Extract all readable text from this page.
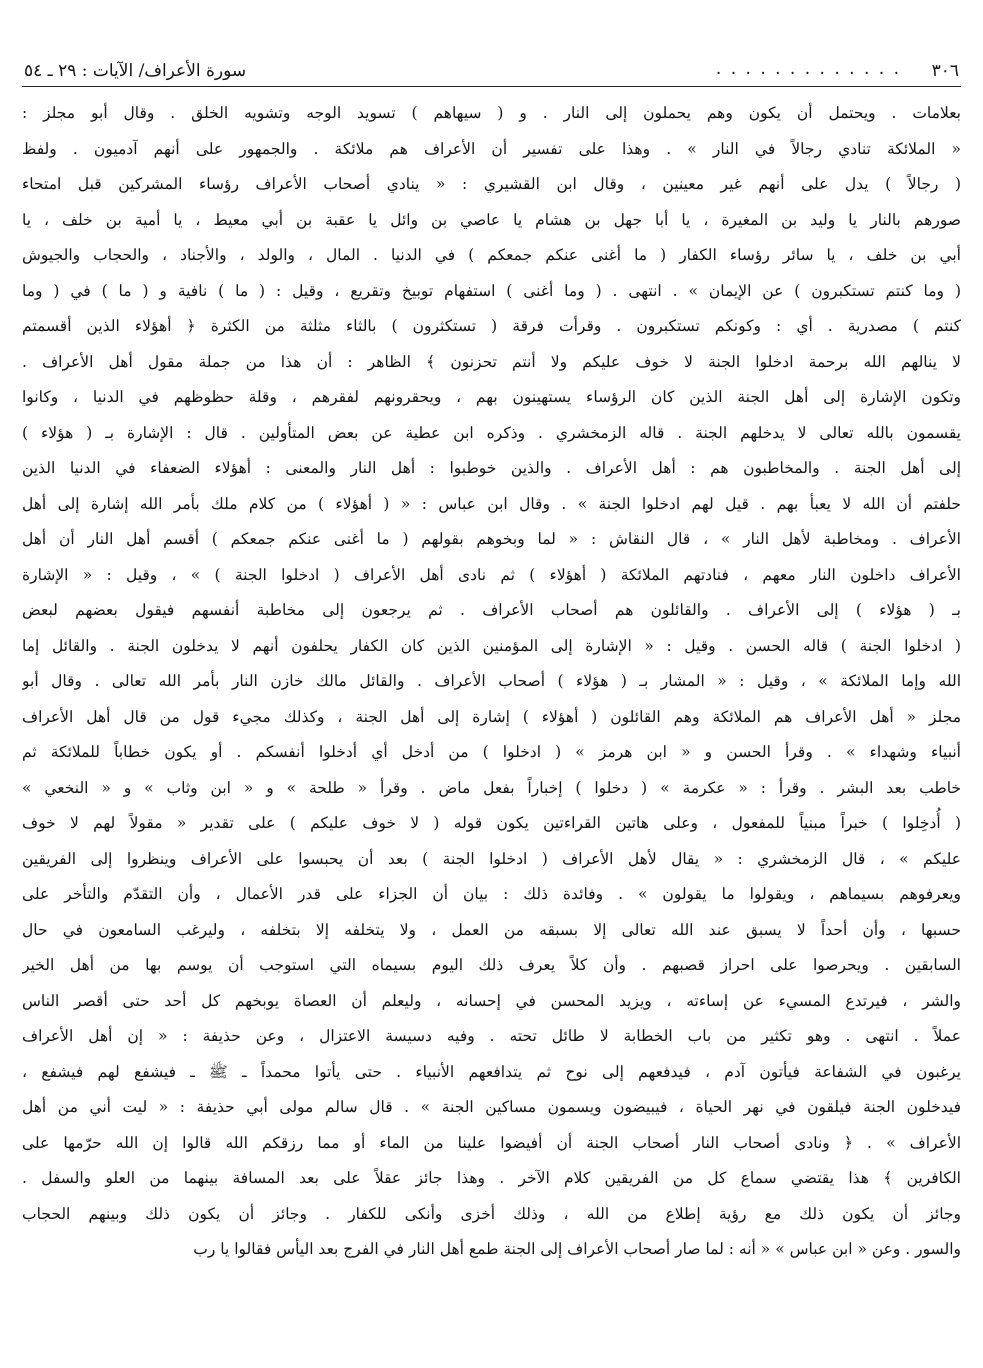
٣٠٦
. . . . . . . . . . . . .
سورة الأعراف/ الآيات : ٢٩ ـ ٥٤
بعلامات . ويحتمل أن يكون وهم يحملون إلى النار . و ( سيهاهم ) تسويد الوجه وتشويه الخلق . وقال أبو مجلز :
« الملائكة تنادي رجالاً في النار » . وهذا على تفسير أن الأعراف هم ملائكة . والجمهور على أنهم آدميون . ولفظ
( رجالاً ) يدل على أنهم غير معينين ، وقال ابن القشيري : « ينادي أصحاب الأعراف رؤساء المشركين قبل امتحاء
صورهم بالنار يا وليد بن المغيرة ، يا أبا جهل بن هشام يا عاصي بن وائل يا عقبة بن أبي معيط ، يا أمية بن خلف ، يا
أبي بن خلف ، يا سائر رؤساء الكفار ( ما أغنى عنكم جمعكم ) في الدنيا . المال ، والولد ، والأجناد ، والحجاب والجيوش
( وما كنتم تستكبرون ) عن الإيمان » . انتهى . ( وما أغنى ) استفهام توبيخ وتقريع ، وقيل : ( ما ) نافية و ( ما ) في ( وما
كنتم ) مصدرية . أي : وكونكم تستكبرون . وقرأت فرقة ( تستكثرون ) بالثاء مثلثة من الكثرة ﴿ أهؤلاء الذين أقسمتم
لا ينالهم الله برحمة ادخلوا الجنة لا خوف عليكم ولا أنتم تحزنون ﴾ الظاهر : أن هذا من جملة مقول أهل الأعراف .
وتكون الإشارة إلى أهل الجنة الذين كان الرؤساء يستهينون بهم ، ويحقرونهم لفقرهم ، وقلة حظوظهم في الدنيا ، وكانوا
يقسمون بالله تعالى لا يدخلهم الجنة . قاله الزمخشري . وذكره ابن عطية عن بعض المتأولين . قال : الإشارة بـ ( هؤلاء )
إلى أهل الجنة . والمخاطبون هم : أهل الأعراف . والذين خوطبوا : أهل النار والمعنى : أهؤلاء الضعفاء في الدنيا الذين
حلفتم أن الله لا يعبأ بهم . قيل لهم ادخلوا الجنة » . وقال ابن عباس : « ( أهؤلاء ) من كلام ملك بأمر الله إشارة إلى أهل
الأعراف . ومخاطبة لأهل النار » ، قال النقاش : « لما وبخوهم بقولهم ( ما أغنى عنكم جمعكم ) أقسم أهل النار أن أهل
الأعراف داخلون النار معهم ، فنادتهم الملائكة ( أهؤلاء ) ثم نادى أهل الأعراف ( ادخلوا الجنة ) » ، وقيل : « الإشارة
بـ ( هؤلاء ) إلى الأعراف . والقائلون هم أصحاب الأعراف . ثم يرجعون إلى مخاطبة أنفسهم فيقول بعضهم لبعض
( ادخلوا الجنة ) قاله الحسن . وقيل : « الإشارة إلى المؤمنين الذين كان الكفار يحلفون أنهم لا يدخلون الجنة . والقائل إما
الله وإما الملائكة » ، وقيل : « المشار بـ ( هؤلاء ) أصحاب الأعراف . والقائل مالك خازن النار بأمر الله تعالى . وقال أبو
مجلز « أهل الأعراف هم الملائكة وهم القائلون ( أهؤلاء ) إشارة إلى أهل الجنة ، وكذلك مجيء قول من قال أهل الأعراف
أنبياء وشهداء » . وقرأ الحسن و « ابن هرمز » ( ادخلوا ) من أدخل أي أدخلوا أنفسكم . أو يكون خطاباً للملائكة ثم
خاطب بعد البشر . وقرأ : « عكرمة » ( دخلوا ) إخباراً بفعل ماض . وقرأ « طلحة » و « ابن وثاب » و « النخعي »
( أُدخِلوا ) خبراً مبنياً للمفعول ، وعلى هاتين القراءتين يكون قوله ( لا خوف عليكم ) على تقدير « مقولاً لهم لا خوف
عليكم » ، قال الزمخشري : « يقال لأهل الأعراف ( ادخلوا الجنة ) بعد أن يحبسوا على الأعراف وينظروا إلى الفريقين
ويعرفوهم بسيماهم ، ويقولوا ما يقولون » . وفائدة ذلك : بيان أن الجزاء على قدر الأعمال ، وأن التقدّم والتأخر على
حسبها ، وأن أحداً لا يسبق عند الله تعالى إلا بسبقه من العمل ، ولا يتخلفه إلا بتخلفه ، وليرغب السامعون في حال
السابقين . ويحرصوا على احراز قصبهم . وأن كلاً يعرف ذلك اليوم بسيماه التي استوجب أن يوسم بها من أهل الخير
والشر ، فيرتدع المسيء عن إساءته ، ويزيد المحسن في إحسانه ، وليعلم أن العصاة يوبخهم كل أحد حتى أقصر الناس
عملاً . انتهى . وهو تكثير من باب الخطابة لا طائل تحته . وفيه دسيسة الاعتزال ، وعن حذيفة : « إن أهل الأعراف
يرغبون في الشفاعة فيأتون آدم ، فيدفعهم إلى نوح ثم يتدافعهم الأنبياء . حتى يأتوا محمداً ـ ﷺ ـ فيشفع لهم فيشفع ،
فيدخلون الجنة فيلقون في نهر الحياة ، فيبيضون ويسمون مساكين الجنة » . قال سالم مولى أبي حذيفة : « ليت أني من أهل
الأعراف » . ﴿ ونادى أصحاب النار أصحاب الجنة أن أفيضوا علينا من الماء أو مما رزقكم الله قالوا إن الله حرّمها على
الكافرين ﴾ هذا يقتضي سماع كل من الفريقين كلام الآخر . وهذا جائز عقلاً على بعد المسافة بينهما من العلو والسفل .
وجائز أن يكون ذلك مع رؤية إطلاع من الله ، وذلك أخزى وأنكى للكفار . وجائز أن يكون ذلك وبينهم الحجاب
والسور . وعن « ابن عباس » « أنه : لما صار أصحاب الأعراف إلى الجنة طمع أهل النار في الفرج بعد اليأس فقالوا يا رب
